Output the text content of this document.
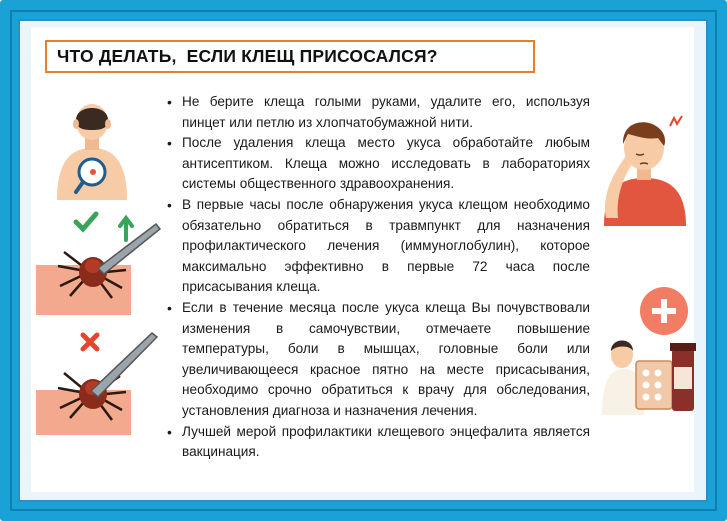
ЧТО ДЕЛАТЬ,  ЕСЛИ КЛЕЩ ПРИСОСАЛСЯ?
• Не берите клеща голыми руками, удалите его, используя пинцет или петлю из хлопчатобумажной нити.
• После удаления клеща место укуса обработайте любым антисептиком. Клеща можно исследовать в лабораториях системы общественного здравоохранения.
• В первые часы после обнаружения укуса клещом необходимо обязательно обратиться в травмпункт для назначения профилактического лечения (иммуноглобулин), которое максимально эффективно в первые 72 часа после присасывания клеща.
• Если в течение месяца после укуса клеща Вы почувствовали изменения в самочувствии, отмечаете повышение температуры, боли в мышцах, головные боли или увеличивающееся красное пятно на месте присасывания, необходимо срочно обратиться к врачу для обследования, установления диагноза и назначения лечения.
• Лучшей мерой профилактики клещевого энцефалита является вакцинация.
